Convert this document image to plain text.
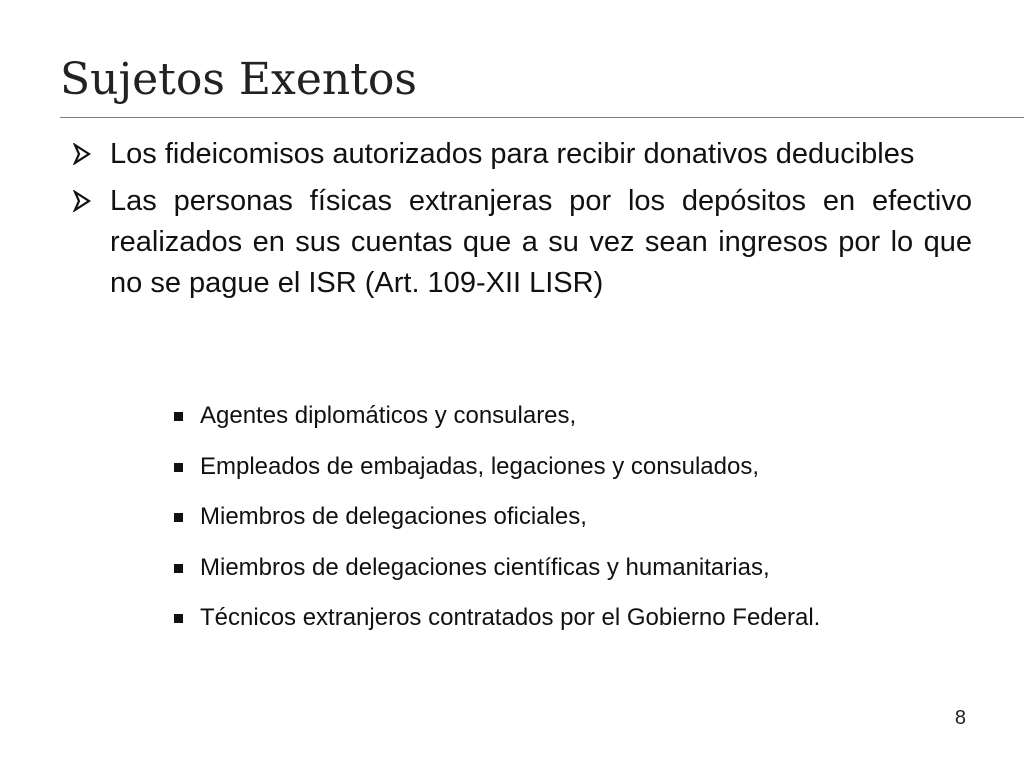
Sujetos Exentos
Los fideicomisos autorizados para recibir donativos deducibles
Las personas físicas extranjeras por los depósitos en efectivo realizados en sus cuentas que a su vez sean ingresos por lo que no se pague el ISR (Art. 109-XII LISR)
Agentes diplomáticos y consulares,
Empleados de embajadas, legaciones y consulados,
Miembros de delegaciones oficiales,
Miembros de delegaciones científicas y humanitarias,
Técnicos extranjeros contratados por el Gobierno Federal.
8
